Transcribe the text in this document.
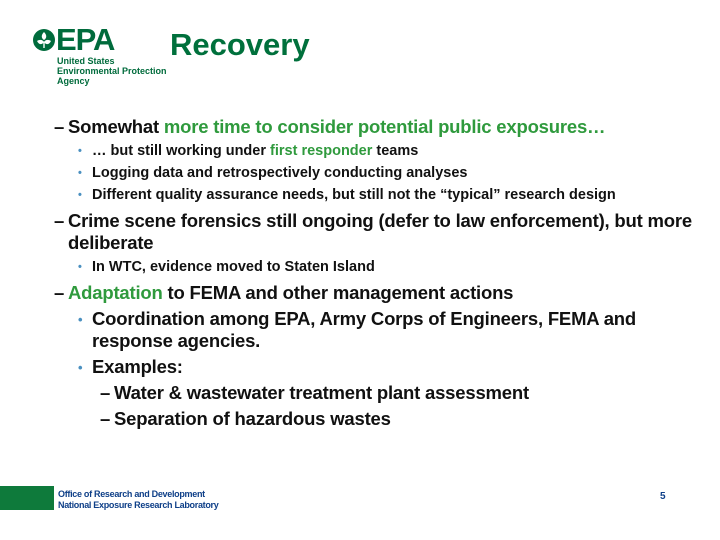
EPA
United States
Environmental Protection
Agency
Recovery
– Somewhat more time to consider potential public exposures…
• … but still working under first responder teams
• Logging data and retrospectively conducting analyses
• Different quality assurance needs, but still not the “typical” research design
– Crime scene forensics still ongoing (defer to law enforcement), but more deliberate
• In WTC, evidence moved to Staten Island
– Adaptation to FEMA and other management actions
• Coordination among EPA, Army Corps of Engineers, FEMA and response agencies.
• Examples:
– Water & wastewater treatment plant assessment
– Separation of hazardous wastes
Office of Research and Development
National Exposure Research Laboratory
5
